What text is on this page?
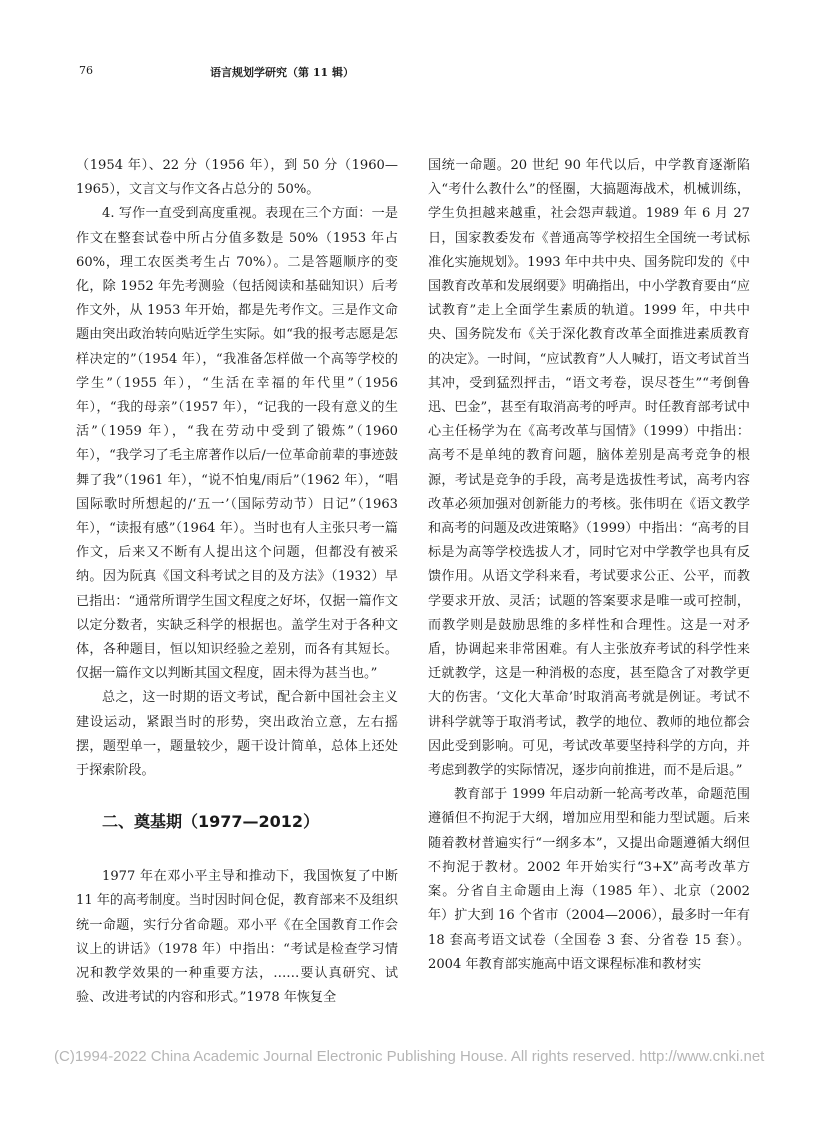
76	语言规划学研究（第 11 辑）

（1954 年）、22 分（1956 年），到 50 分（1960—1965），文言文与作文各占总分的 50%。

4. 写作一直受到高度重视。表现在三个方面：一是作文在整套试卷中所占分值多数是 50%（1953 年占 60%，理工农医类考生占 70%）。二是答题顺序的变化，除 1952 年先考测验（包括阅读和基础知识）后考作文外，从 1953 年开始，都是先考作文。三是作文命题由突出政治转向贴近学生实际。如“我的报考志愿是怎样决定的”（1954 年），“我准备怎样做一个高等学校的学生”（1955 年），“生活在幸福的年代里”（1956 年），“我的母亲”（1957 年），“记我的一段有意义的生活”（1959 年），“我在劳动中受到了锻炼”（1960 年），“我学习了毛主席著作以后/一位革命前辈的事迹鼓舞了我”（1961 年），“说不怕鬼/雨后”（1962 年），“唱国际歌时所想起的/‘五一’（国际劳动节）日记”（1963 年），“读报有感”（1964 年）。当时也有人主张只考一篇作文，后来又不断有人提出这个问题，但都没有被采纳。因为阮真《国文科考试之目的及方法》（1932）早已指出：“通常所谓学生国文程度之好坏，仅据一篇作文以定分数者，实缺乏科学的根据也。盖学生对于各种文体，各种题目，恒以知识经验之差别，而各有其短长。仅据一篇作文以判断其国文程度，固未得为甚当也。”

总之，这一时期的语文考试，配合新中国社会主义建设运动，紧跟当时的形势，突出政治立意，左右摇摆，题型单一，题量较少，题干设计简单，总体上还处于探索阶段。

二、奠基期（1977—2012）

1977 年在邓小平主导和推动下，我国恢复了中断 11 年的高考制度。当时因时间仓促，教育部来不及组织统一命题，实行分省命题。邓小平《在全国教育工作会议上的讲话》（1978 年）中指出：“考试是检查学习情况和教学效果的一种重要方法，……要认真研究、试验、改进考试的内容和形式。”1978 年恢复全

国统一命题。20 世纪 90 年代以后，中学教育逐渐陷入“考什么教什么”的怪圈，大搞题海战术，机械训练，学生负担越来越重，社会怨声载道。1989 年 6 月 27 日，国家教委发布《普通高等学校招生全国统一考试标准化实施规划》。1993 年中共中央、国务院印发的《中国教育改革和发展纲要》明确指出，中小学教育要由“应试教育”走上全面学生素质的轨道。1999 年，中共中央、国务院发布《关于深化教育改革全面推进素质教育的决定》。一时间，“应试教育”人人喊打，语文考试首当其冲，受到猛烈抨击，“语文考卷，误尽苍生”“考倒鲁迅、巴金”，甚至有取消高考的呼声。时任教育部考试中心主任杨学为在《高考改革与国情》（1999）中指出：高考不是单纯的教育问题，脑体差别是高考竞争的根源，考试是竞争的手段，高考是选拔性考试，高考内容改革必须加强对创新能力的考核。张伟明在《语文教学和高考的问题及改进策略》（1999）中指出：“高考的目标是为高等学校选拔人才，同时它对中学教学也具有反馈作用。从语文学科来看，考试要求公正、公平，而教学要求开放、灵活；试题的答案要求是唯一或可控制，而教学则是鼓励思维的多样性和合理性。这是一对矛盾，协调起来非常困难。有人主张放弃考试的科学性来迁就教学，这是一种消极的态度，甚至隐含了对教学更大的伤害。‘文化大革命’时取消高考就是例证。考试不讲科学就等于取消考试，教学的地位、教师的地位都会因此受到影响。可见，考试改革要坚持科学的方向，并考虑到教学的实际情况，逐步向前推进，而不是后退。”

教育部于 1999 年启动新一轮高考改革，命题范围遵循但不拘泥于大纲，增加应用型和能力型试题。后来随着教材普遍实行“一纲多本”，又提出命题遵循大纲但不拘泥于教材。2002 年开始实行“3+X”高考改革方案。分省自主命题由上海（1985 年）、北京（2002 年）扩大到 16 个省市（2004—2006），最多时一年有 18 套高考语文试卷（全国卷 3 套、分省卷 15 套）。2004 年教育部实施高中语文课程标准和教材实

(C)1994-2022 China Academic Journal Electronic Publishing House. All rights reserved. http://www.cnki.net
